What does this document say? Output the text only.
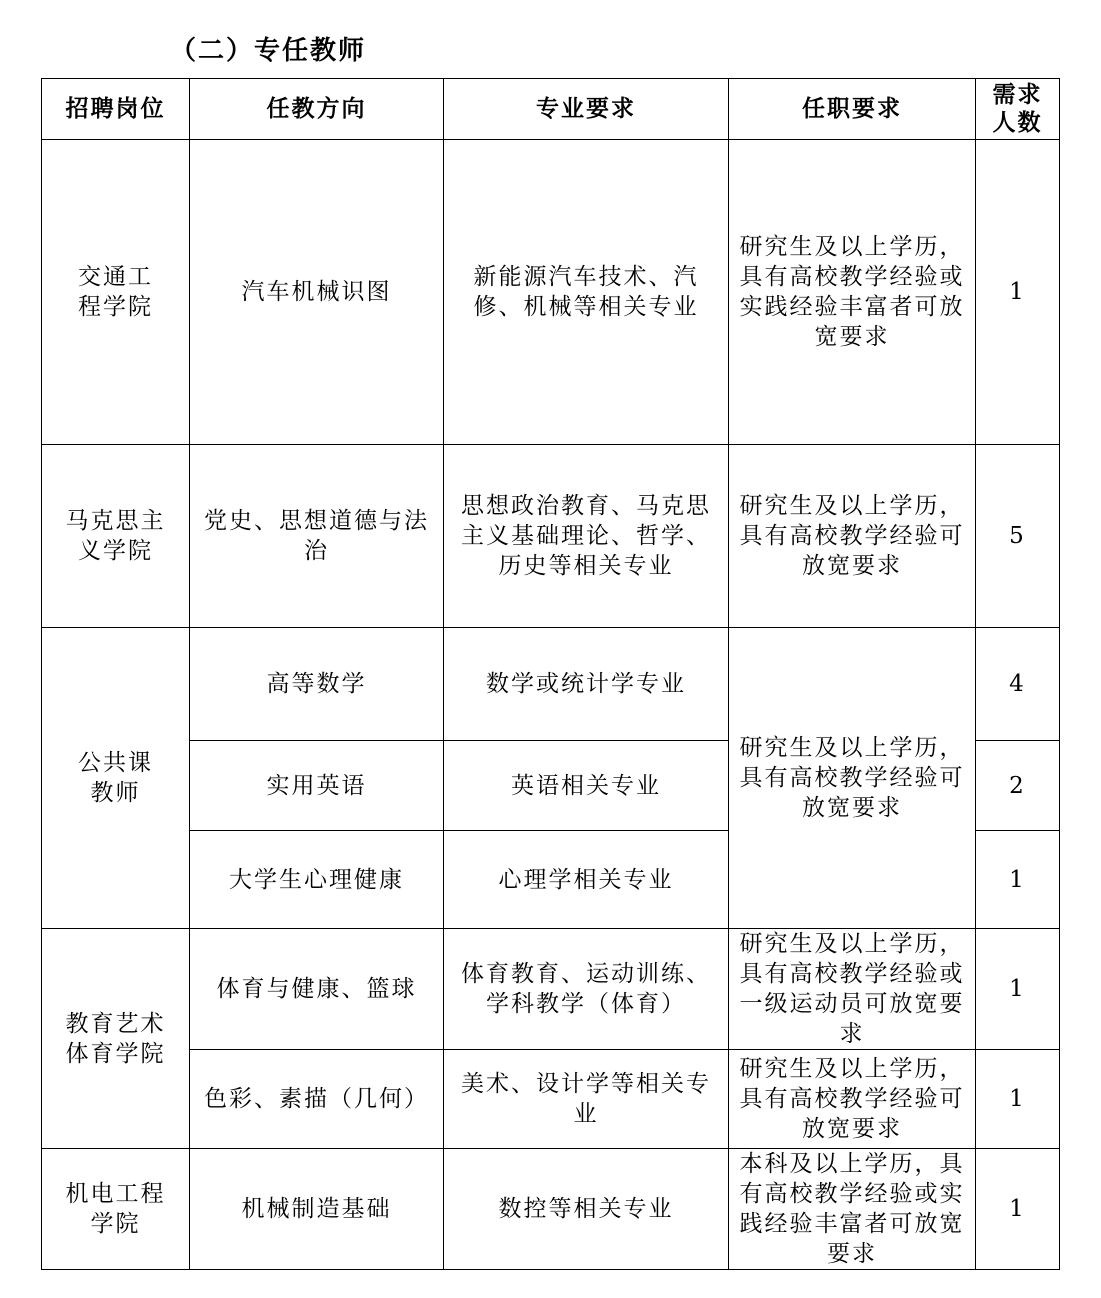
（二）专任教师
招聘岗位	任教方向	专业要求	任职要求	需求人数
交通工程学院	汽车机械识图	新能源汽车技术、汽修、机械等相关专业	研究生及以上学历，具有高校教学经验或实践经验丰富者可放宽要求	1
马克思主义学院	党史、思想道德与法治	思想政治教育、马克思主义基础理论、哲学、历史等相关专业	研究生及以上学历，具有高校教学经验可放宽要求	5
公共课教师	高等数学	数学或统计学专业	研究生及以上学历，具有高校教学经验可放宽要求	4
	实用英语	英语相关专业		2
	大学生心理健康	心理学相关专业		1
教育艺术体育学院	体育与健康、篮球	体育教育、运动训练、学科教学（体育）	研究生及以上学历，具有高校教学经验或一级运动员可放宽要求	1
	色彩、素描（几何）	美术、设计学等相关专业	研究生及以上学历，具有高校教学经验可放宽要求	1
机电工程学院	机械制造基础	数控等相关专业	本科及以上学历，具有高校教学经验或实践经验丰富者可放宽要求	1
